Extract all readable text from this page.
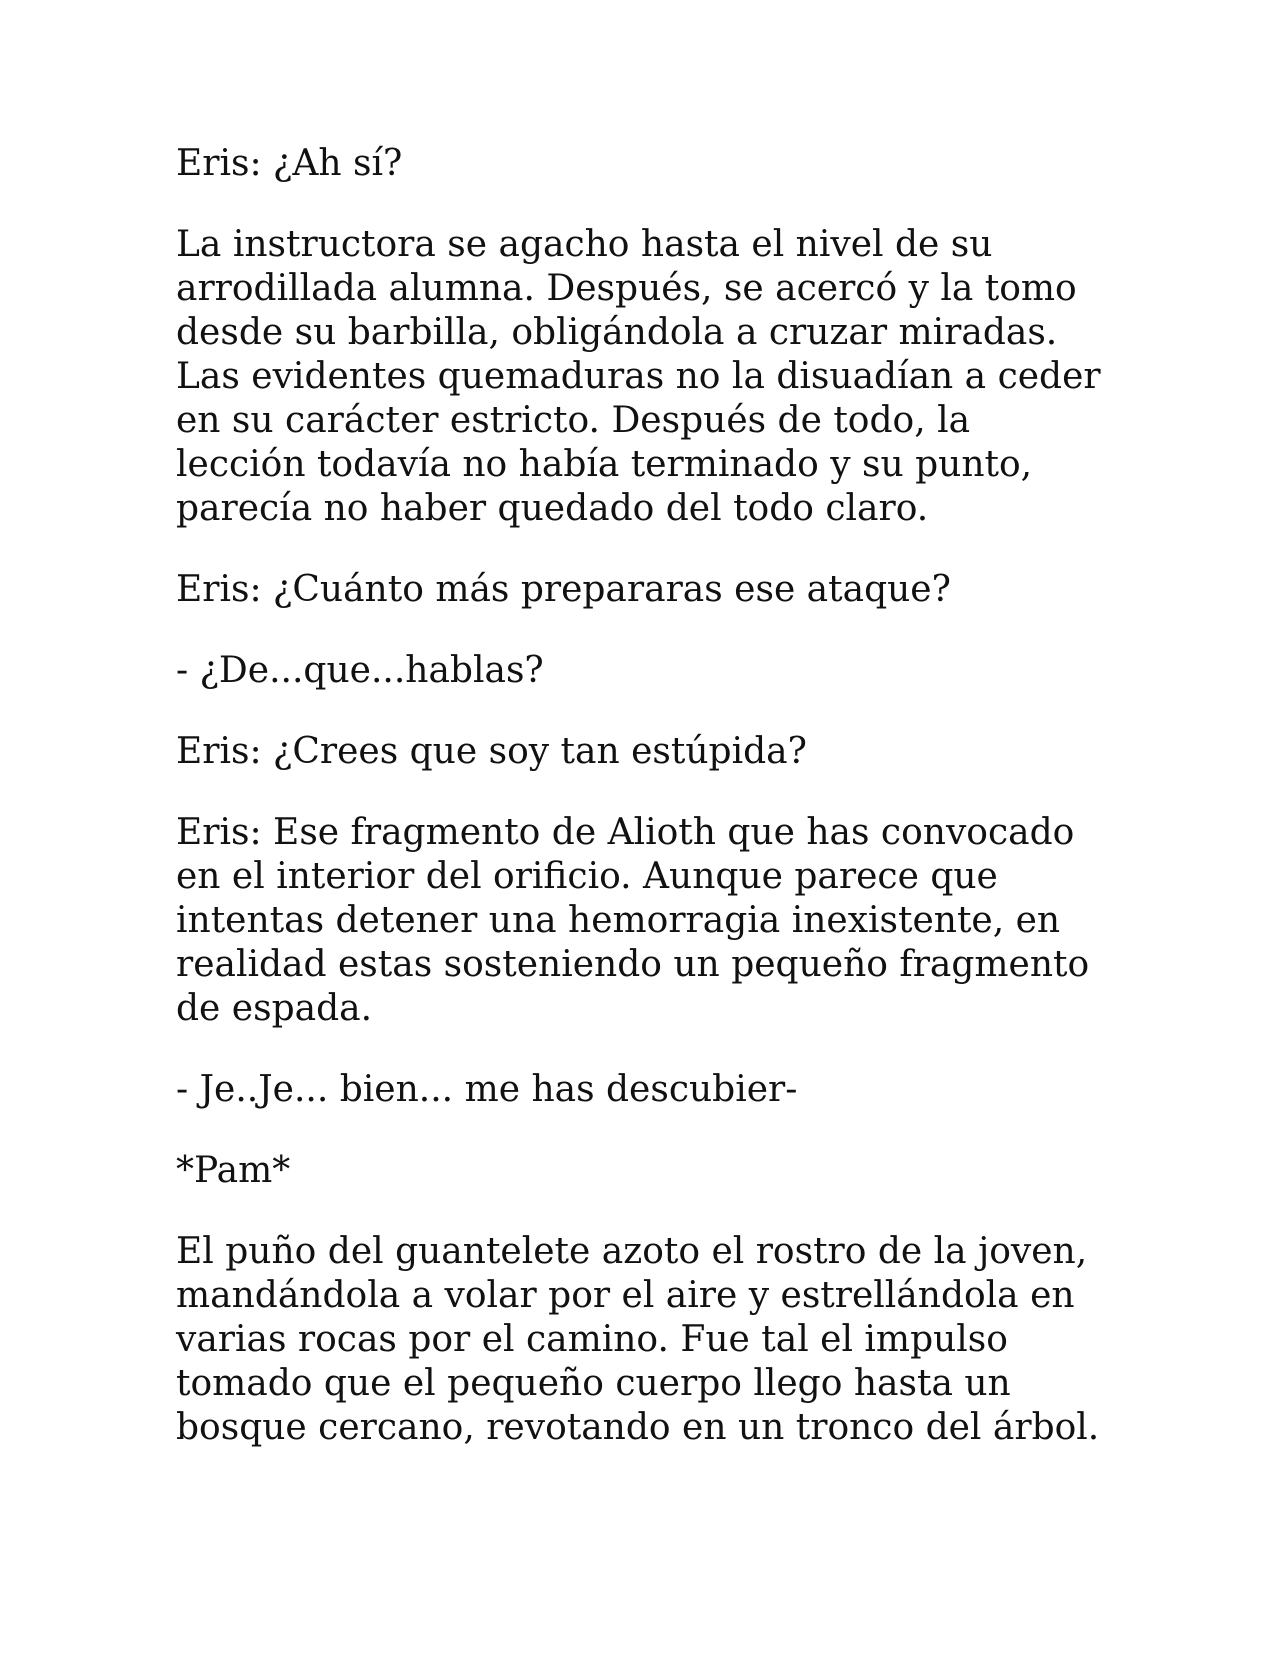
Eris: ¿Ah sí?

La instructora se agacho hasta el nivel de su
arrodillada alumna. Después, se acercó y la tomo
desde su barbilla, obligándola a cruzar miradas.
Las evidentes quemaduras no la disuadían a ceder
en su carácter estricto. Después de todo, la
lección todavía no había terminado y su punto,
parecía no haber quedado del todo claro.

Eris: ¿Cuánto más prepararas ese ataque?

- ¿De...que...hablas?

Eris: ¿Crees que soy tan estúpida?

Eris: Ese fragmento de Alioth que has convocado
en el interior del orificio. Aunque parece que
intentas detener una hemorragia inexistente, en
realidad estas sosteniendo un pequeño fragmento
de espada.

- Je..Je... bien... me has descubier-

*Pam*

El puño del guantelete azoto el rostro de la joven,
mandándola a volar por el aire y estrellándola en
varias rocas por el camino. Fue tal el impulso
tomado que el pequeño cuerpo llego hasta un
bosque cercano, revotando en un tronco del árbol.
